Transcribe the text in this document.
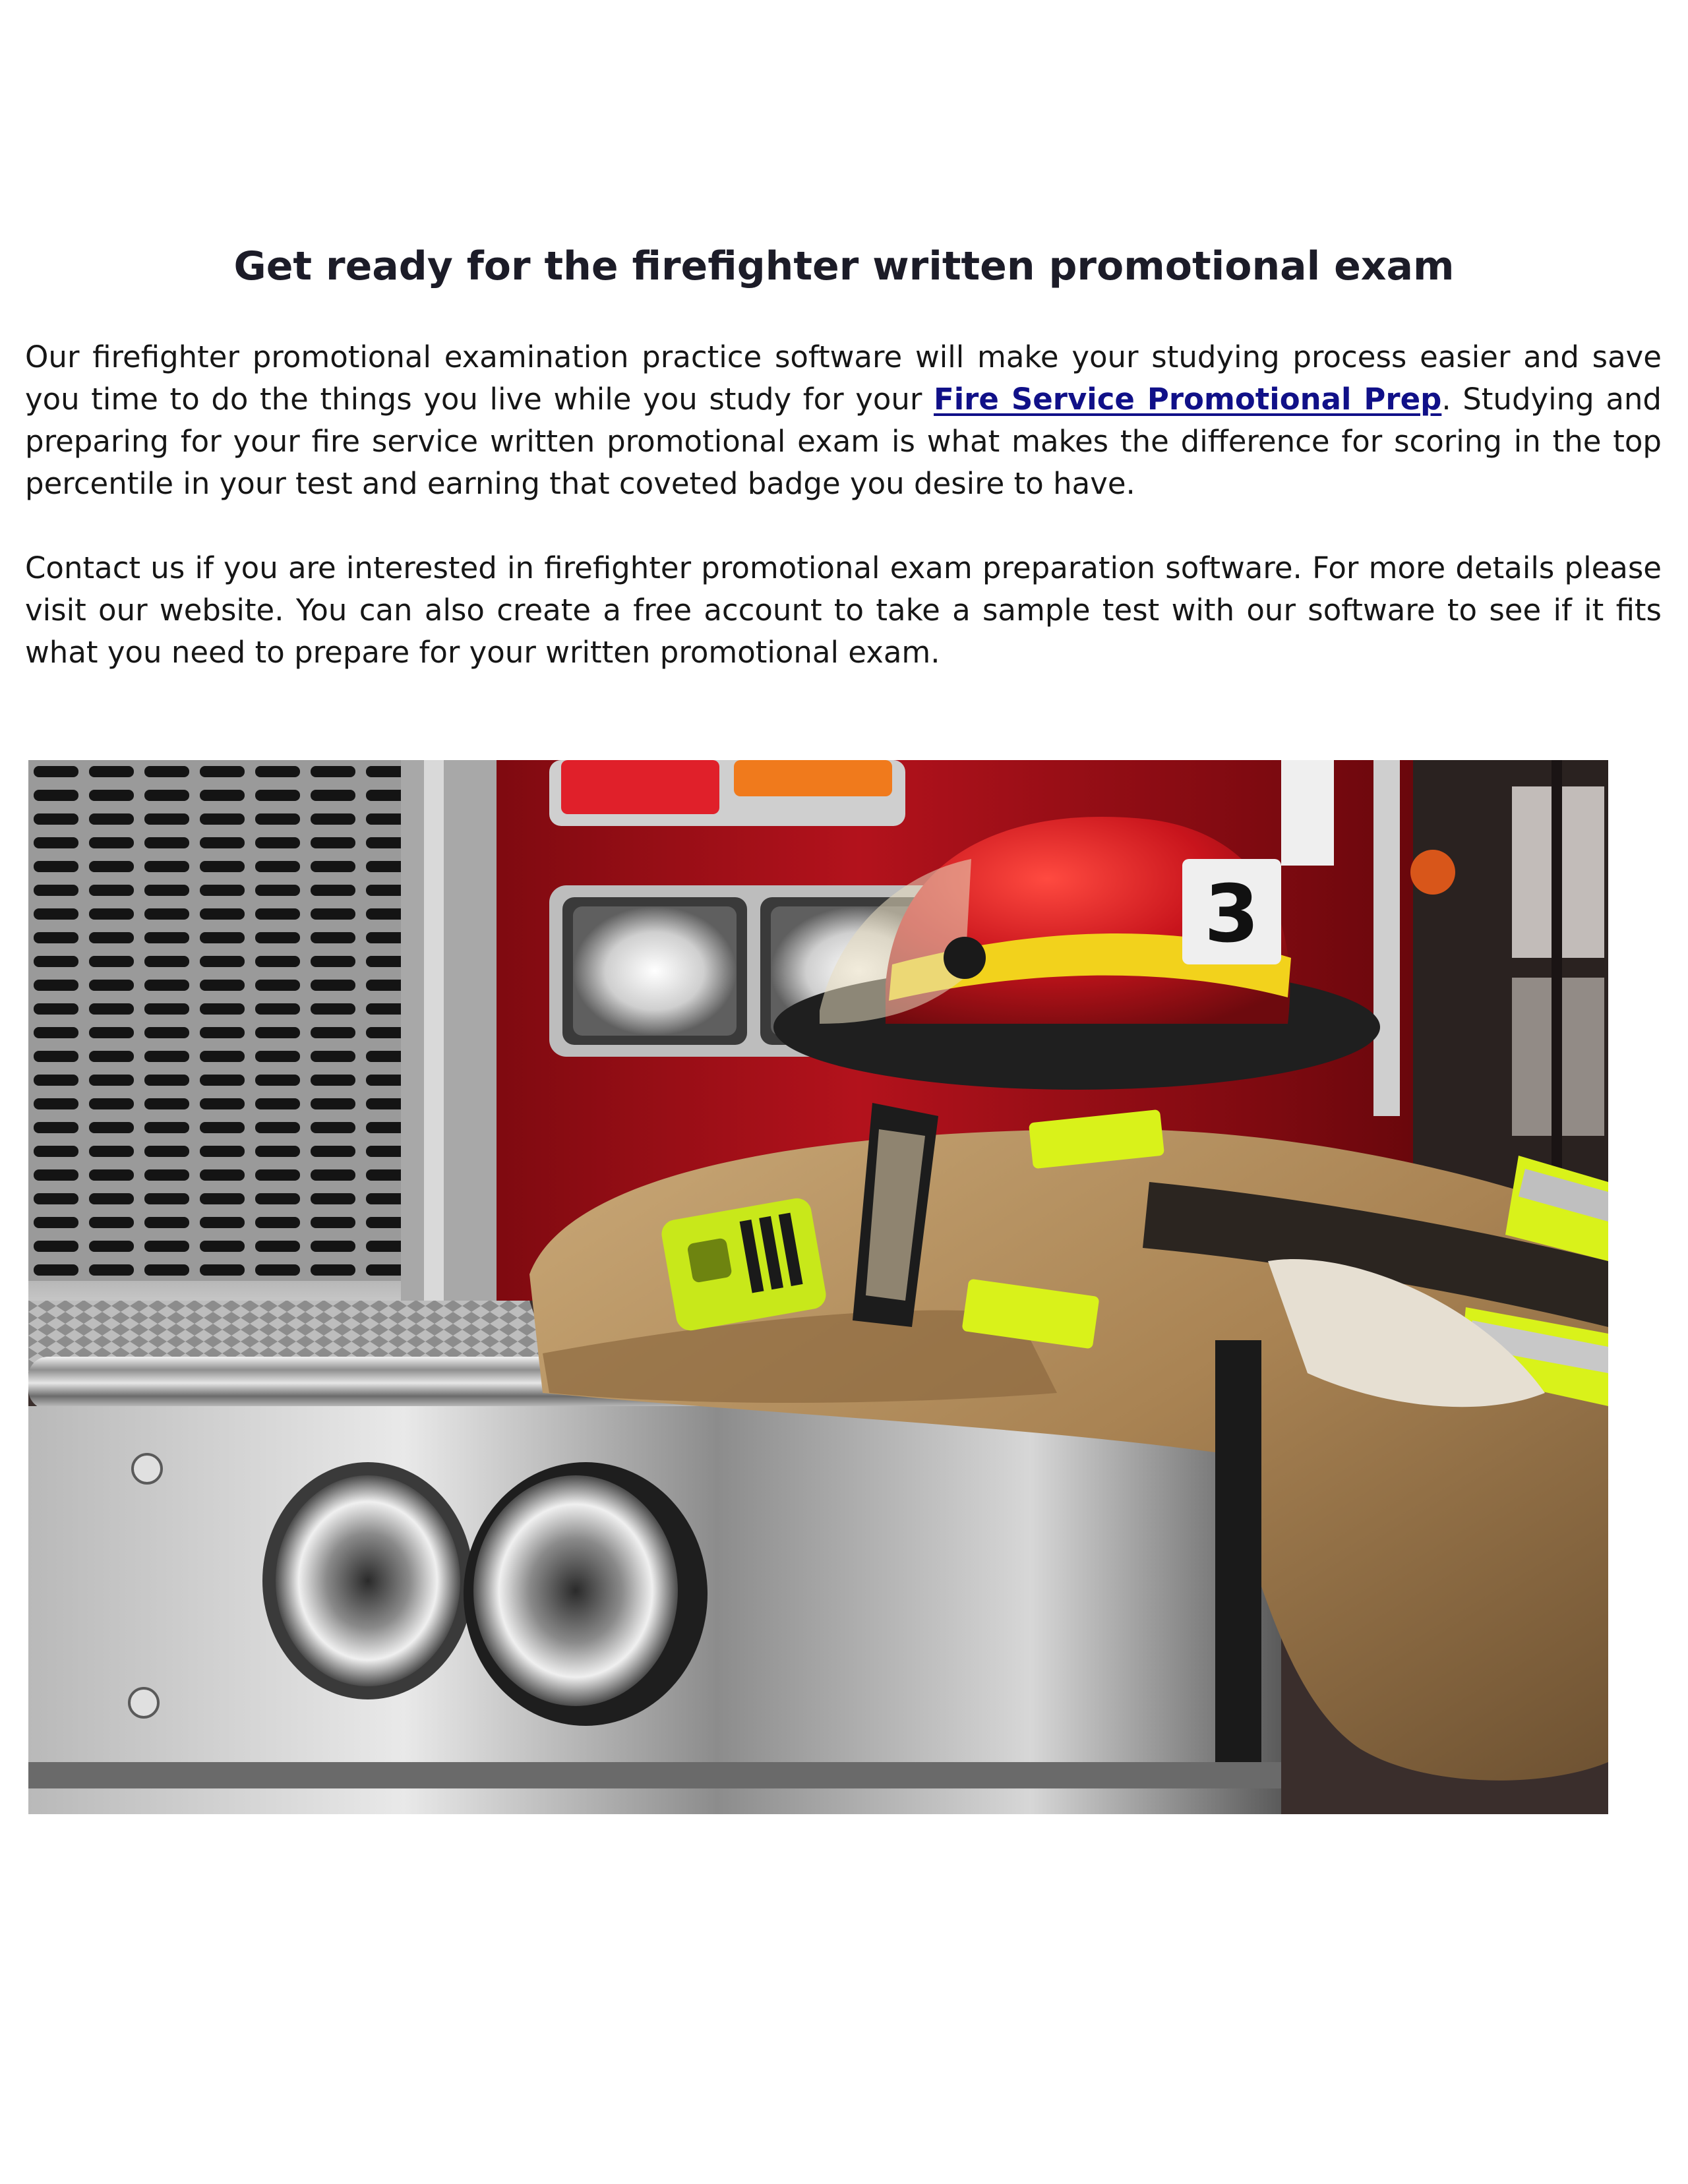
Get ready for the firefighter written promotional exam

Our firefighter promotional examination practice software will make your studying process easier and save you time to do the things you live while you study for your Fire Service Promotional Prep. Studying and preparing for your fire service written promotional exam is what makes the difference for scoring in the top percentile in your test and earning that coveted badge you desire to have.

Contact us if you are interested in firefighter promotional exam preparation software. For more details please visit our website. You can also create a free account to take a sample test with our software to see if it fits what you need to prepare for your written promotional exam.

3
